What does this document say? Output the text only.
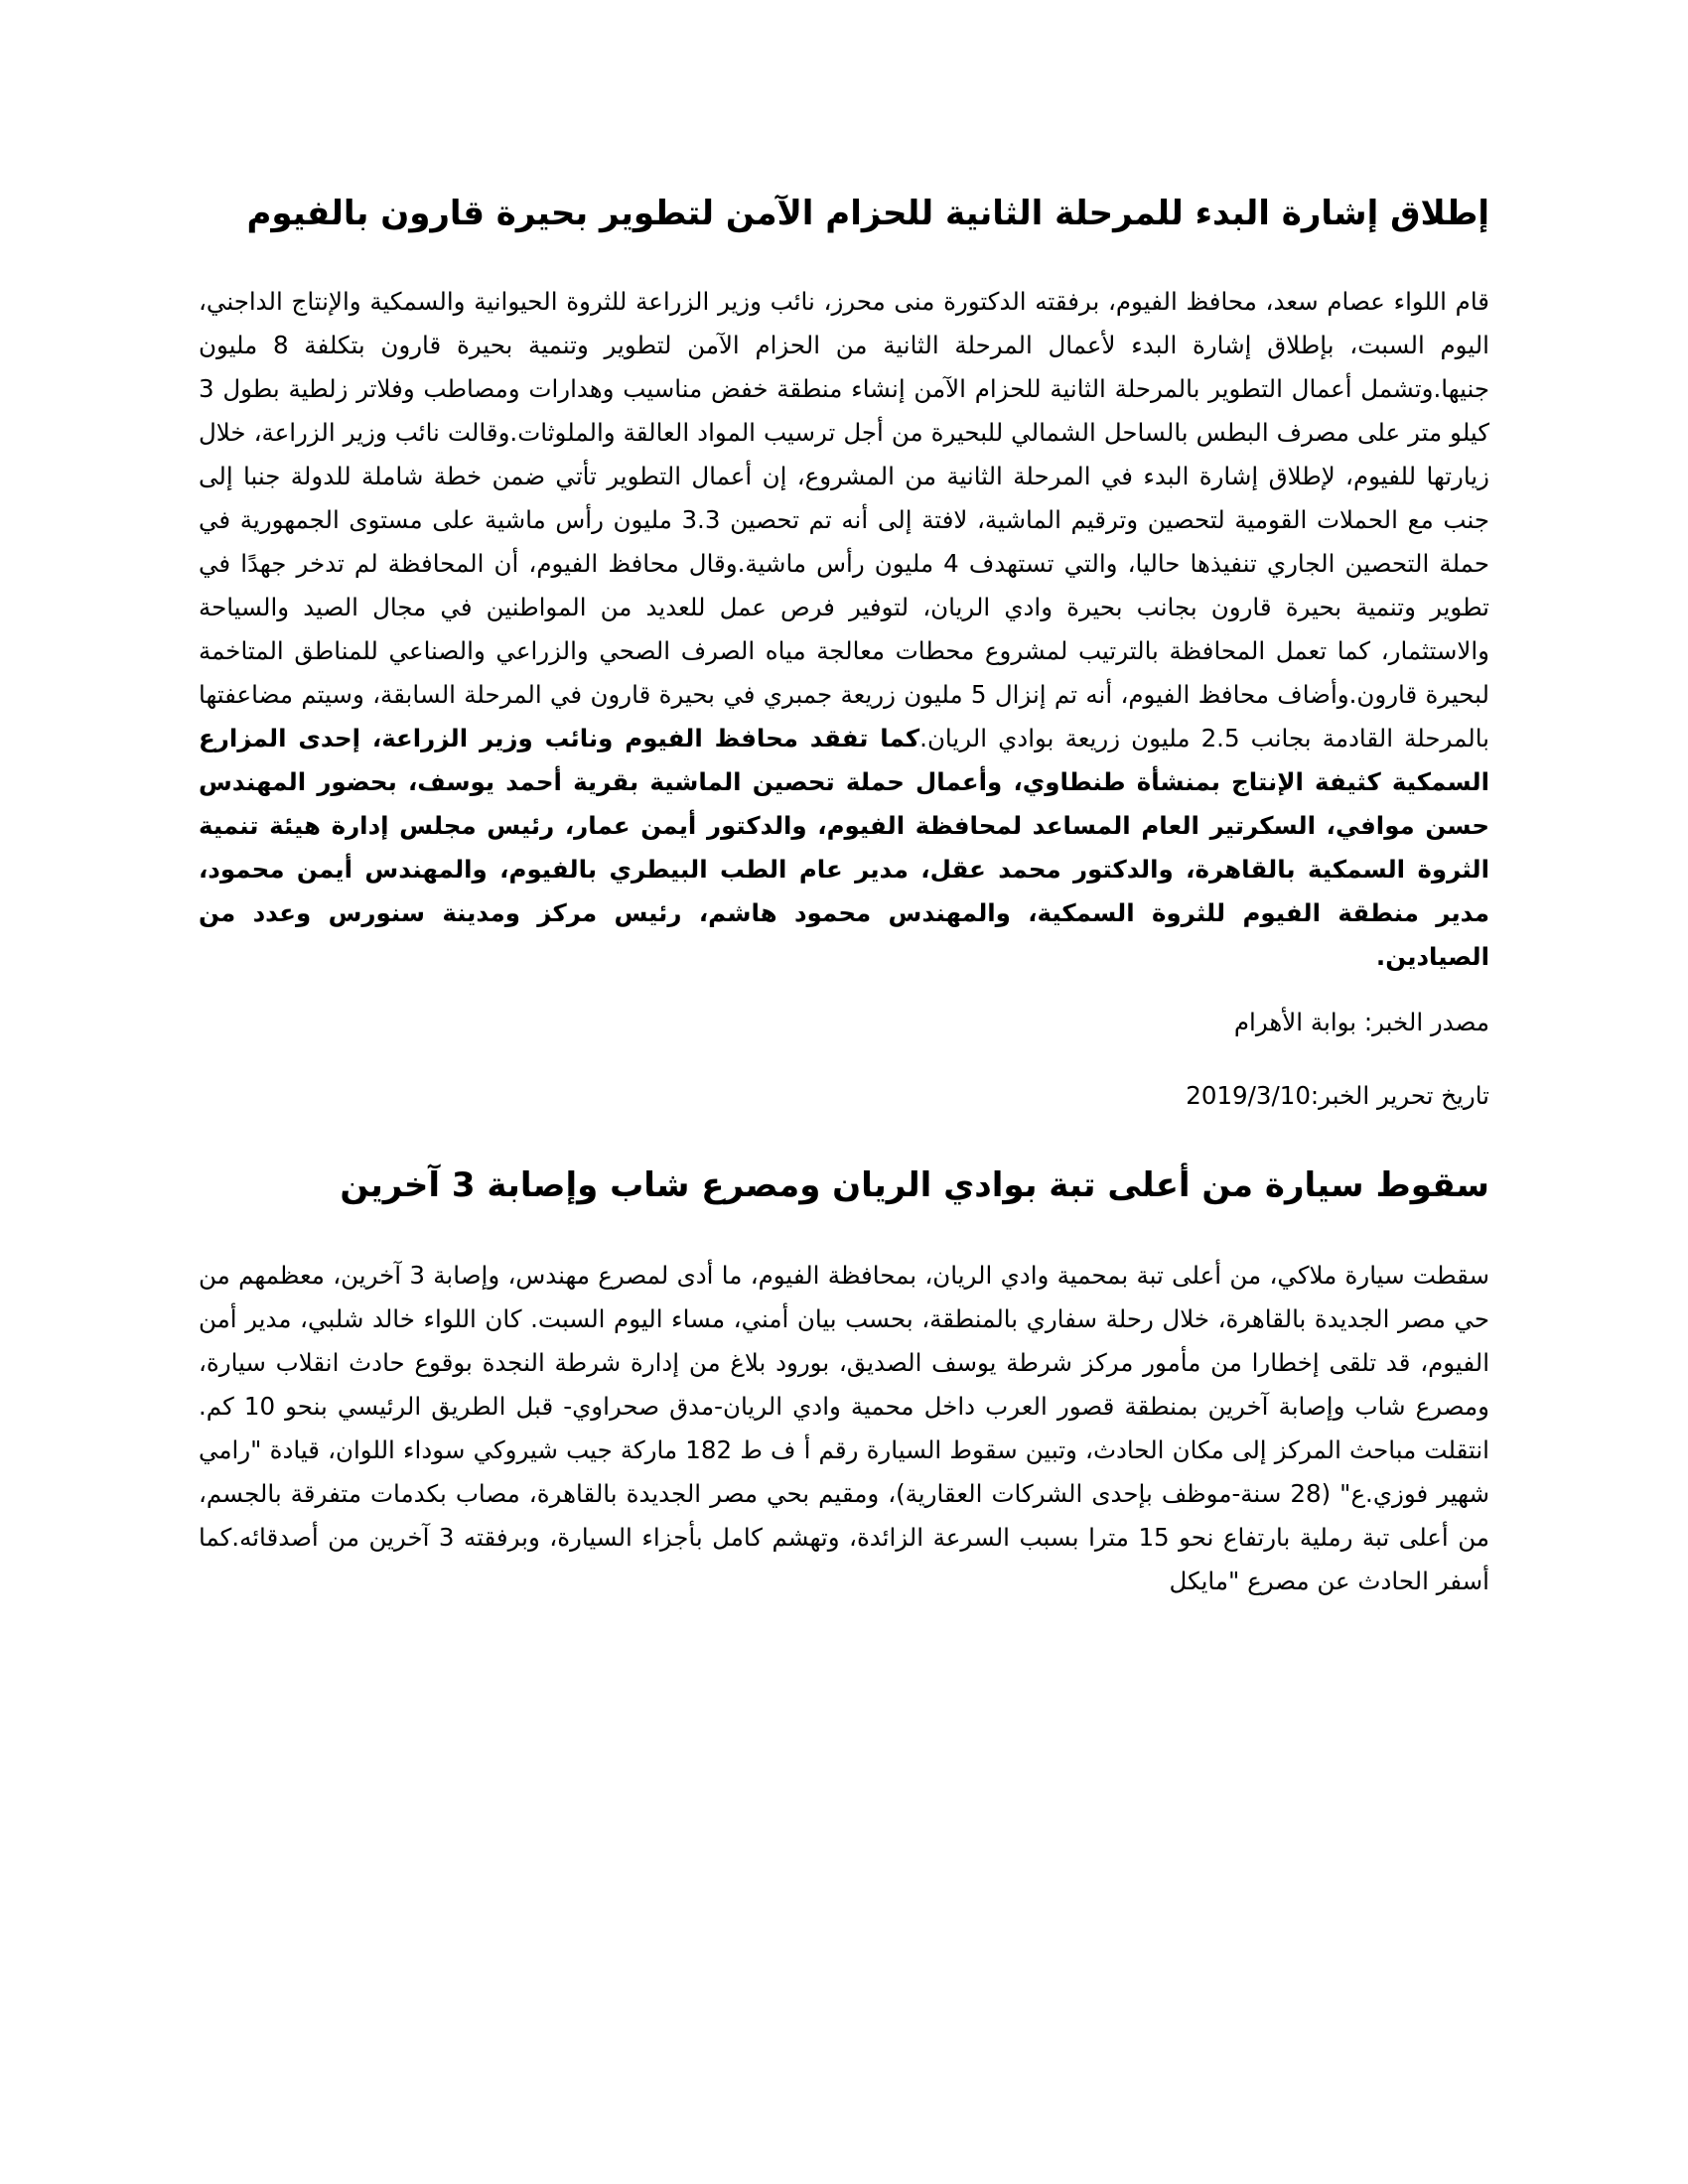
إطلاق إشارة البدء للمرحلة الثانية للحزام الآمن لتطوير بحيرة قارون بالفيوم

قام اللواء عصام سعد، محافظ الفيوم، برفقته الدكتورة منى محرز، نائب وزير الزراعة للثروة الحيوانية والسمكية والإنتاج الداجني، اليوم السبت، بإطلاق إشارة البدء لأعمال المرحلة الثانية من الحزام الآمن لتطوير وتنمية بحيرة قارون بتكلفة 8 مليون جنيها.وتشمل أعمال التطوير بالمرحلة الثانية للحزام الآمن إنشاء منطقة خفض مناسيب وهدارات ومصاطب وفلاتر زلطية بطول 3 كيلو متر على مصرف البطس بالساحل الشمالي للبحيرة من أجل ترسيب المواد العالقة والملوثات.وقالت نائب وزير الزراعة، خلال زيارتها للفيوم، لإطلاق إشارة البدء في المرحلة الثانية من المشروع، إن أعمال التطوير تأتي ضمن خطة شاملة للدولة جنبا إلى جنب مع الحملات القومية لتحصين وترقيم الماشية، لافتة إلى أنه تم تحصين 3.3 مليون رأس ماشية على مستوى الجمهورية في حملة التحصين الجاري تنفيذها حاليا، والتي تستهدف 4 مليون رأس ماشية.وقال محافظ الفيوم، أن المحافظة لم تدخر جهدًا في تطوير وتنمية بحيرة قارون بجانب بحيرة وادي الريان، لتوفير فرص عمل للعديد من المواطنين في مجال الصيد والسياحة والاستثمار، كما تعمل المحافظة بالترتيب لمشروع محطات معالجة مياه الصرف الصحي والزراعي والصناعي للمناطق المتاخمة لبحيرة قارون.وأضاف محافظ الفيوم، أنه تم إنزال 5 مليون زريعة جمبري في بحيرة قارون في المرحلة السابقة، وسيتم مضاعفتها بالمرحلة القادمة بجانب 2.5 مليون زريعة بوادي الريان.كما تفقد محافظ الفيوم ونائب وزير الزراعة، إحدى المزارع السمكية كثيفة الإنتاج بمنشأة طنطاوي، وأعمال حملة تحصين الماشية بقرية أحمد يوسف، بحضور المهندس حسن موافي، السكرتير العام المساعد لمحافظة الفيوم، والدكتور أيمن عمار، رئيس مجلس إدارة هيئة تنمية الثروة السمكية بالقاهرة، والدكتور محمد عقل، مدير عام الطب البيطري بالفيوم، والمهندس أيمن محمود، مدير منطقة الفيوم للثروة السمكية، والمهندس محمود هاشم، رئيس مركز ومدينة سنورس وعدد من الصيادين.

مصدر الخبر: بوابة الأهرام
تاريخ تحرير الخبر:2019/3/10
سقوط سيارة من أعلى تبة بوادي الريان ومصرع شاب وإصابة 3 آخرين

سقطت سيارة ملاكي، من أعلى تبة بمحمية وادي الريان، بمحافظة الفيوم، ما أدى لمصرع مهندس، وإصابة 3 آخرين، معظمهم من حي مصر الجديدة بالقاهرة، خلال رحلة سفاري بالمنطقة، بحسب بيان أمني، مساء اليوم السبت. كان اللواء خالد شلبي، مدير أمن الفيوم، قد تلقى إخطارا من مأمور مركز شرطة يوسف الصديق، بورود بلاغ من إدارة شرطة النجدة بوقوع حادث انقلاب سيارة، ومصرع شاب وإصابة آخرين بمنطقة قصور العرب داخل محمية وادي الريان-مدق صحراوي- قبل الطريق الرئيسي بنحو 10 كم. انتقلت مباحث المركز إلى مكان الحادث، وتبين سقوط السيارة رقم أ ف ط 182 ماركة جيب شيروكي سوداء اللوان، قيادة "رامي شهير فوزي.ع" (28 سنة-موظف بإحدى الشركات العقارية)، ومقيم بحي مصر الجديدة بالقاهرة، مصاب بكدمات متفرقة بالجسم، من أعلى تبة رملية بارتفاع نحو 15 مترا بسبب السرعة الزائدة، وتهشم كامل بأجزاء السيارة، وبرفقته 3 آخرين من أصدقائه.كما أسفر الحادث عن مصرع "مايكل
